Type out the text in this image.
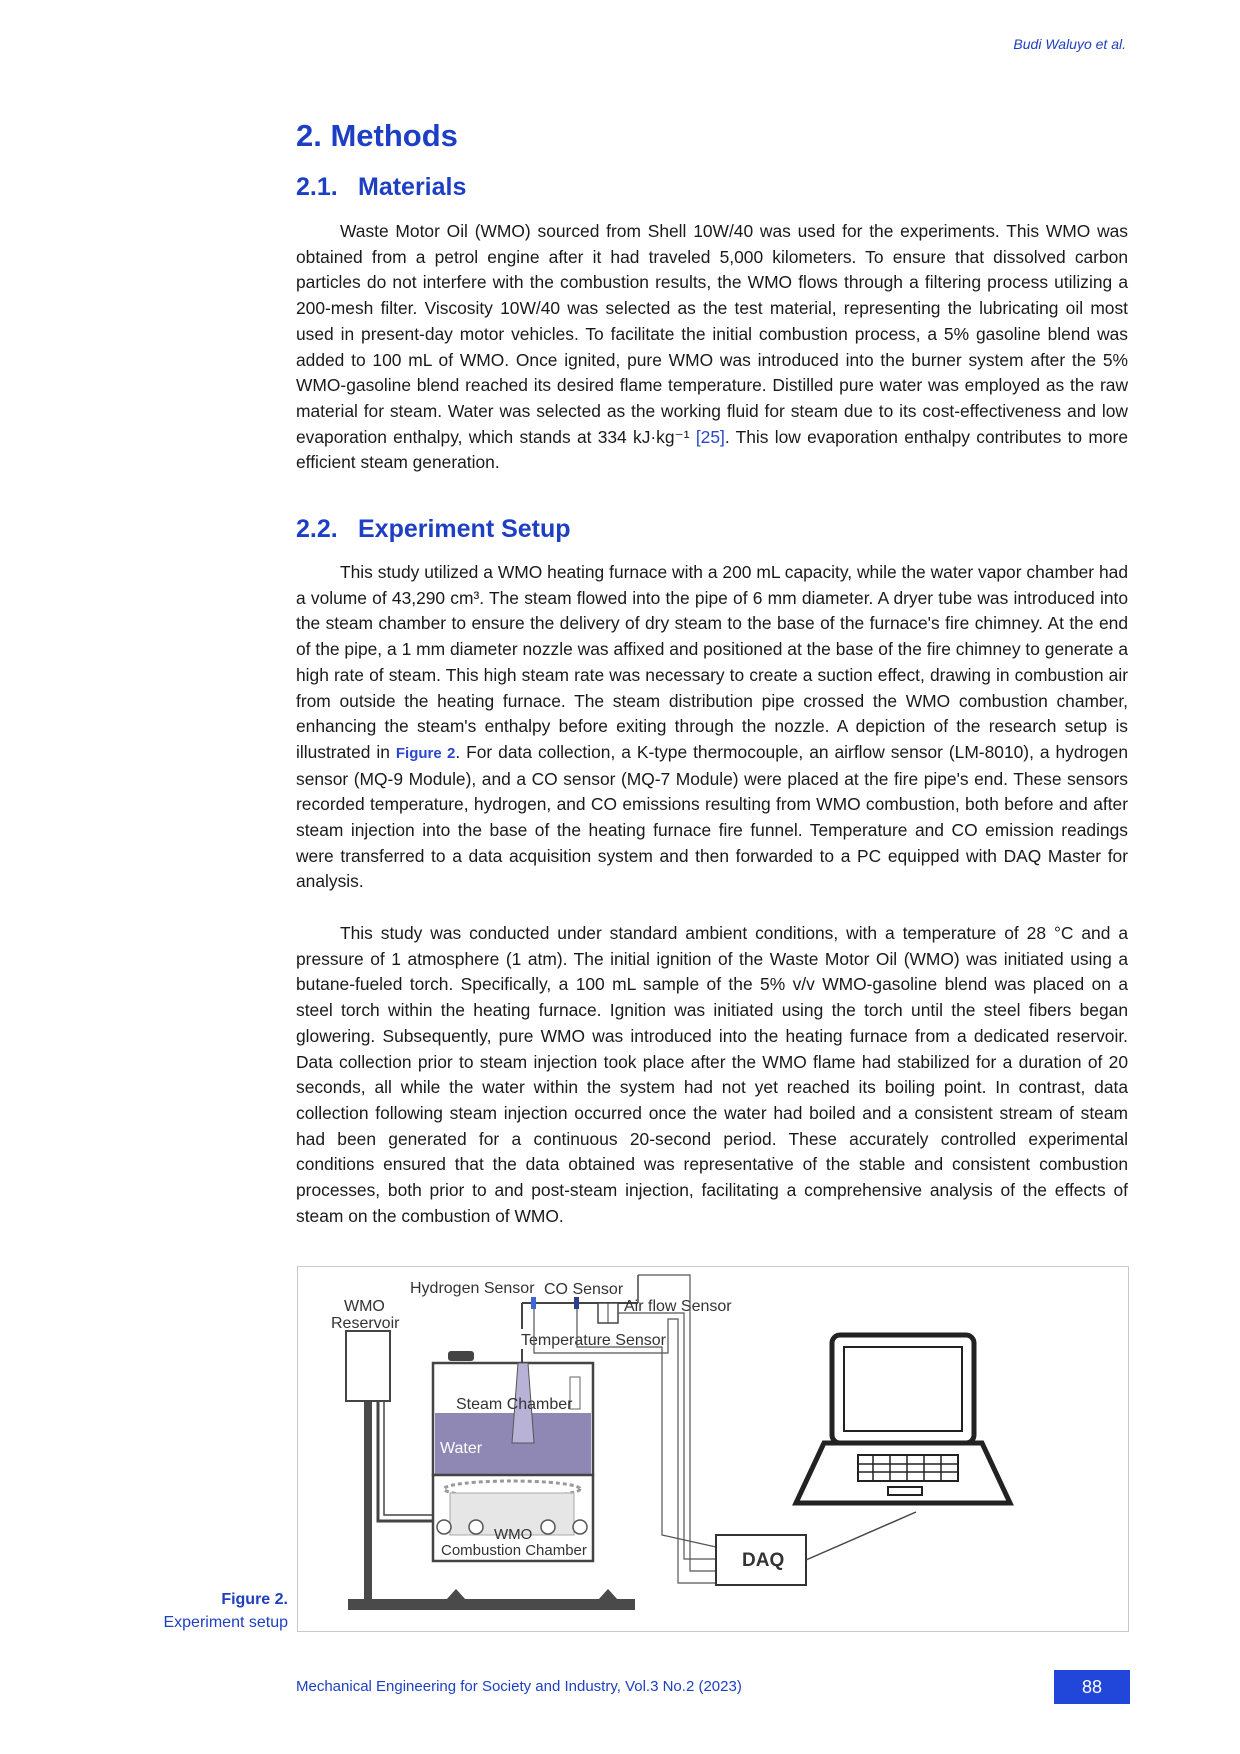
Budi Waluyo et al.
2. Methods
2.1. Materials

Waste Motor Oil (WMO) sourced from Shell 10W/40 was used for the experiments. This WMO was obtained from a petrol engine after it had traveled 5,000 kilometers. To ensure that dissolved carbon particles do not interfere with the combustion results, the WMO flows through a filtering process utilizing a 200-mesh filter. Viscosity 10W/40 was selected as the test material, representing the lubricating oil most used in present-day motor vehicles. To facilitate the initial combustion process, a 5% gasoline blend was added to 100 mL of WMO. Once ignited, pure WMO was introduced into the burner system after the 5% WMO-gasoline blend reached its desired flame temperature. Distilled pure water was employed as the raw material for steam. Water was selected as the working fluid for steam due to its cost-effectiveness and low evaporation enthalpy, which stands at 334 kJ·kg⁻¹ [25]. This low evaporation enthalpy contributes to more efficient steam generation.

2.2. Experiment Setup

This study utilized a WMO heating furnace with a 200 mL capacity, while the water vapor chamber had a volume of 43,290 cm³. The steam flowed into the pipe of 6 mm diameter. A dryer tube was introduced into the steam chamber to ensure the delivery of dry steam to the base of the furnace's fire chimney. At the end of the pipe, a 1 mm diameter nozzle was affixed and positioned at the base of the fire chimney to generate a high rate of steam. This high steam rate was necessary to create a suction effect, drawing in combustion air from outside the heating furnace. The steam distribution pipe crossed the WMO combustion chamber, enhancing the steam's enthalpy before exiting through the nozzle. A depiction of the research setup is illustrated in Figure 2. For data collection, a K-type thermocouple, an airflow sensor (LM-8010), a hydrogen sensor (MQ-9 Module), and a CO sensor (MQ-7 Module) were placed at the fire pipe's end. These sensors recorded temperature, hydrogen, and CO emissions resulting from WMO combustion, both before and after steam injection into the base of the heating furnace fire funnel. Temperature and CO emission readings were transferred to a data acquisition system and then forwarded to a PC equipped with DAQ Master for analysis.

This study was conducted under standard ambient conditions, with a temperature of 28 °C and a pressure of 1 atmosphere (1 atm). The initial ignition of the Waste Motor Oil (WMO) was initiated using a butane-fueled torch. Specifically, a 100 mL sample of the 5% v/v WMO-gasoline blend was placed on a steel torch within the heating furnace. Ignition was initiated using the torch until the steel fibers began glowering. Subsequently, pure WMO was introduced into the heating furnace from a dedicated reservoir. Data collection prior to steam injection took place after the WMO flame had stabilized for a duration of 20 seconds, all while the water within the system had not yet reached its boiling point. In contrast, data collection following steam injection occurred once the water had boiled and a consistent stream of steam had been generated for a continuous 20-second period. These accurately controlled experimental conditions ensured that the data obtained was representative of the stable and consistent combustion processes, both prior to and post-steam injection, facilitating a comprehensive analysis of the effects of steam on the combustion of WMO.

WMO
Reservoir
Steam Chamber
Water
WMO
Combustion Chamber
Hydrogen Sensor CO Sensor
Air flow Sensor
Temperature Sensor
DAQ
Figure 2.
Experiment setup
Mechanical Engineering for Society and Industry, Vol.3 No.2 (2023)	88
